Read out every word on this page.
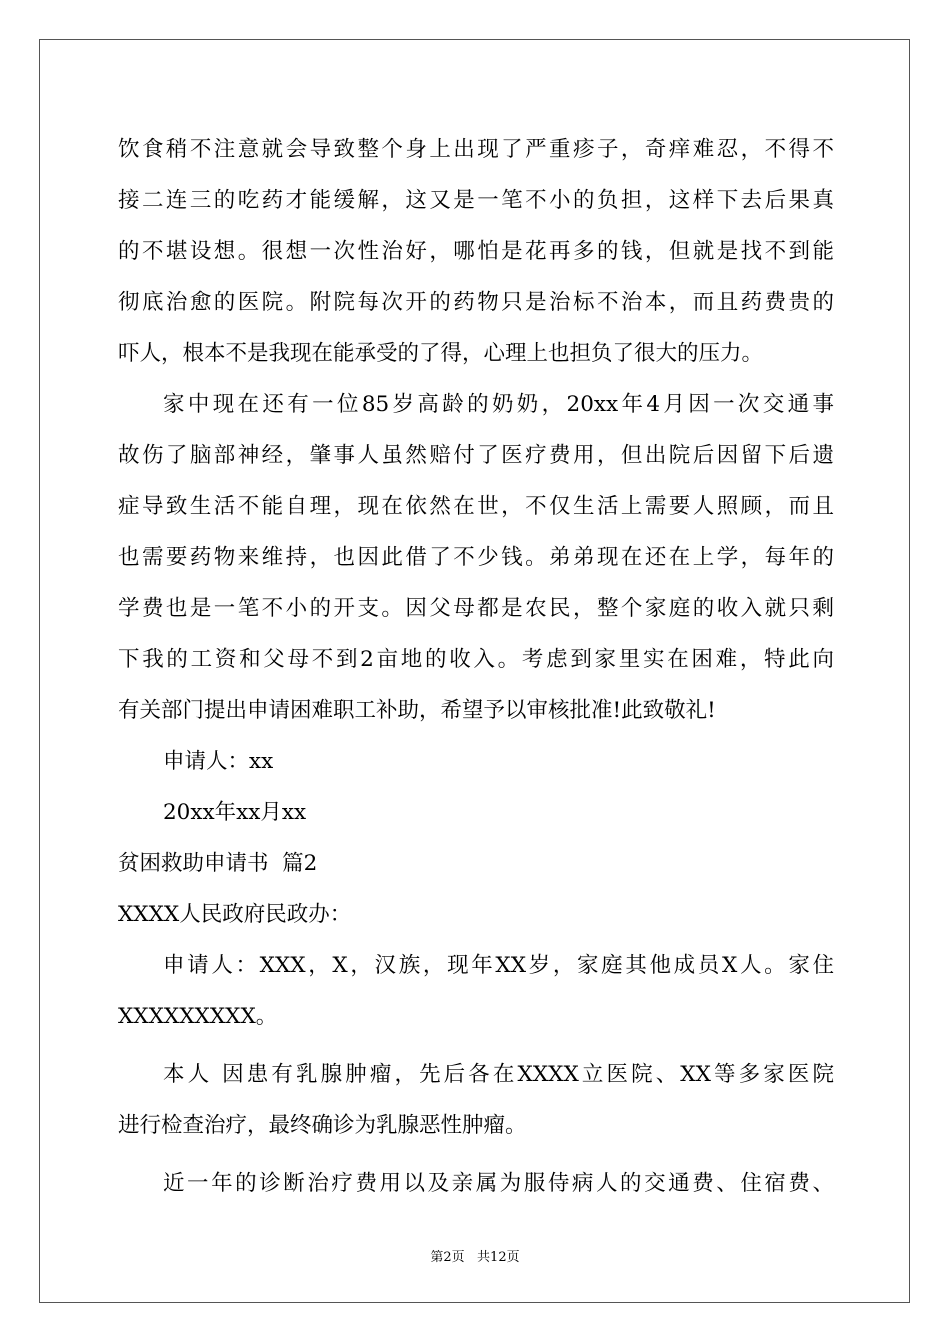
饮食稍不注意就会导致整个身上出现了严重疹子，奇痒难忍，不得不
接二连三的吃药才能缓解，这又是一笔不小的负担，这样下去后果真
的不堪设想。很想一次性治好，哪怕是花再多的钱，但就是找不到能
彻底治愈的医院。附院每次开的药物只是治标不治本，而且药费贵的
吓人，根本不是我现在能承受的了得，心理上也担负了很大的压力。
家中现在还有一位85岁高龄的奶奶，20xx年4月因一次交通事
故伤了脑部神经，肇事人虽然赔付了医疗费用，但出院后因留下后遗
症导致生活不能自理，现在依然在世，不仅生活上需要人照顾，而且
也需要药物来维持，也因此借了不少钱。弟弟现在还在上学，每年的
学费也是一笔不小的开支。因父母都是农民，整个家庭的收入就只剩
下我的工资和父母不到2亩地的收入。考虑到家里实在困难，特此向
有关部门提出申请困难职工补助，希望予以审核批准!此致敬礼!
申请人：xx
20xx年xx月xx
贫困救助申请书  篇2
XXXX人民政府民政办：
申请人：XXX，X，汉族，现年XX岁，家庭其他成员X人。家住
XXXXXXXXX。
本人 因患有乳腺肿瘤，先后各在XXXX立医院、XX等多家医院
进行检查治疗，最终确诊为乳腺恶性肿瘤。
近一年的诊断治疗费用以及亲属为服侍病人的交通费、住宿费、
第2页   共12页
